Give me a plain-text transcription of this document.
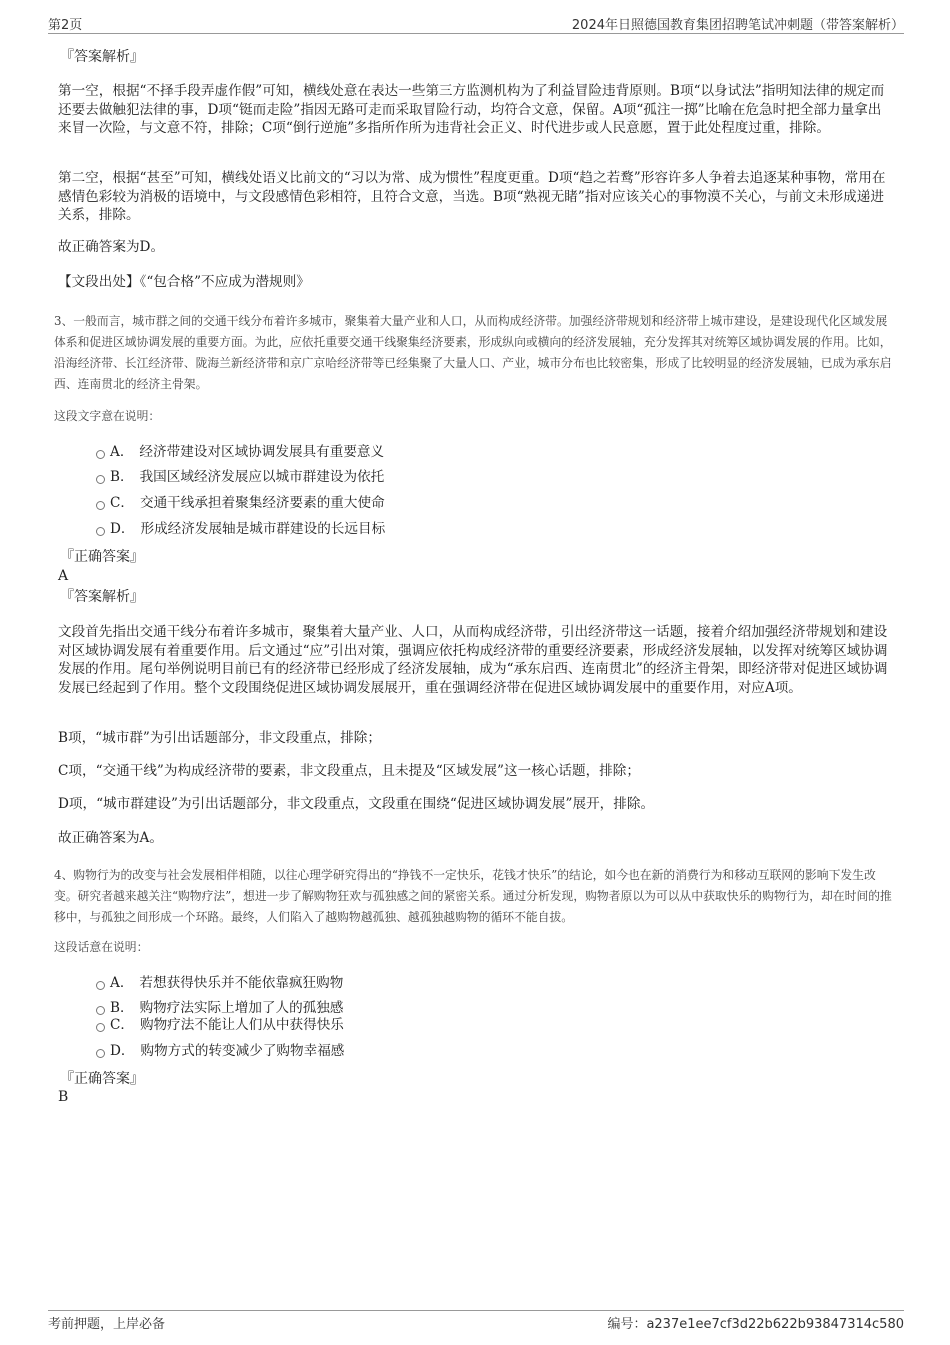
第2页	2024年日照德国教育集团招聘笔试冲刺题（带答案解析）
『答案解析』

第一空，根据“不择手段弄虚作假”可知，横线处意在表达一些第三方监测机构为了利益冒险违背原则。B项“以身试法”指明知法律的规定而还要去做触犯法律的事，D项“铤而走险”指因无路可走而采取冒险行动，均符合文意，保留。A项“孤注一掷”比喻在危急时把全部力量拿出来冒一次险，与文意不符，排除；C项“倒行逆施”多指所作所为违背社会正义、时代进步或人民意愿，置于此处程度过重，排除。

第二空，根据“甚至”可知，横线处语义比前文的“习以为常、成为惯性”程度更重。D项“趋之若鹜”形容许多人争着去追逐某种事物，常用在感情色彩较为消极的语境中，与文段感情色彩相符，且符合文意，当选。B项“熟视无睹”指对应该关心的事物漠不关心，与前文未形成递进关系，排除。

故正确答案为D。

【文段出处】《“包合格”不应成为潜规则》

3、一般而言，城市群之间的交通干线分布着许多城市，聚集着大量产业和人口，从而构成经济带。加强经济带规划和经济带上城市建设，是建设现代化区域发展体系和促进区域协调发展的重要方面。为此，应依托重要交通干线聚集经济要素，形成纵向或横向的经济发展轴，充分发挥其对统筹区域协调发展的作用。比如，沿海经济带、长江经济带、陇海兰新经济带和京广京哈经济带等已经集聚了大量人口、产业，城市分布也比较密集，形成了比较明显的经济发展轴，已成为承东启西、连南贯北的经济主骨架。

这段文字意在说明：

A． 经济带建设对区域协调发展具有重要意义
B． 我国区域经济发展应以城市群建设为依托
C． 交通干线承担着聚集经济要素的重大使命
D． 形成经济发展轴是城市群建设的长远目标
『正确答案』
A
『答案解析』

文段首先指出交通干线分布着许多城市，聚集着大量产业、人口，从而构成经济带，引出经济带这一话题，接着介绍加强经济带规划和建设对区域协调发展有着重要作用。后文通过“应”引出对策，强调应依托构成经济带的重要经济要素，形成经济发展轴，以发挥对统筹区域协调发展的作用。尾句举例说明目前已有的经济带已经形成了经济发展轴，成为“承东启西、连南贯北”的经济主骨架，即经济带对促进区域协调发展已经起到了作用。整个文段围绕促进区域协调发展展开，重在强调经济带在促进区域协调发展中的重要作用，对应A项。

B项，“城市群”为引出话题部分，非文段重点，排除；

C项，“交通干线”为构成经济带的要素，非文段重点，且未提及“区域发展”这一核心话题，排除；

D项，“城市群建设”为引出话题部分，非文段重点，文段重在围绕“促进区域协调发展”展开，排除。

故正确答案为A。

4、购物行为的改变与社会发展相伴相随，以往心理学研究得出的“挣钱不一定快乐，花钱才快乐”的结论，如今也在新的消费行为和移动互联网的影响下发生改变。研究者越来越关注“购物疗法”，想进一步了解购物狂欢与孤独感之间的紧密关系。通过分析发现，购物者原以为可以从中获取快乐的购物行为，却在时间的推移中，与孤独之间形成一个环路。最终，人们陷入了越购物越孤独、越孤独越购物的循环不能自拔。

这段话意在说明：

A． 若想获得快乐并不能依靠疯狂购物
B． 购物疗法实际上增加了人的孤独感
C． 购物疗法不能让人们从中获得快乐
D． 购物方式的转变减少了购物幸福感
『正确答案』
B
考前押题，上岸必备	编号：a237e1ee7cf3d22b622b93847314c580
